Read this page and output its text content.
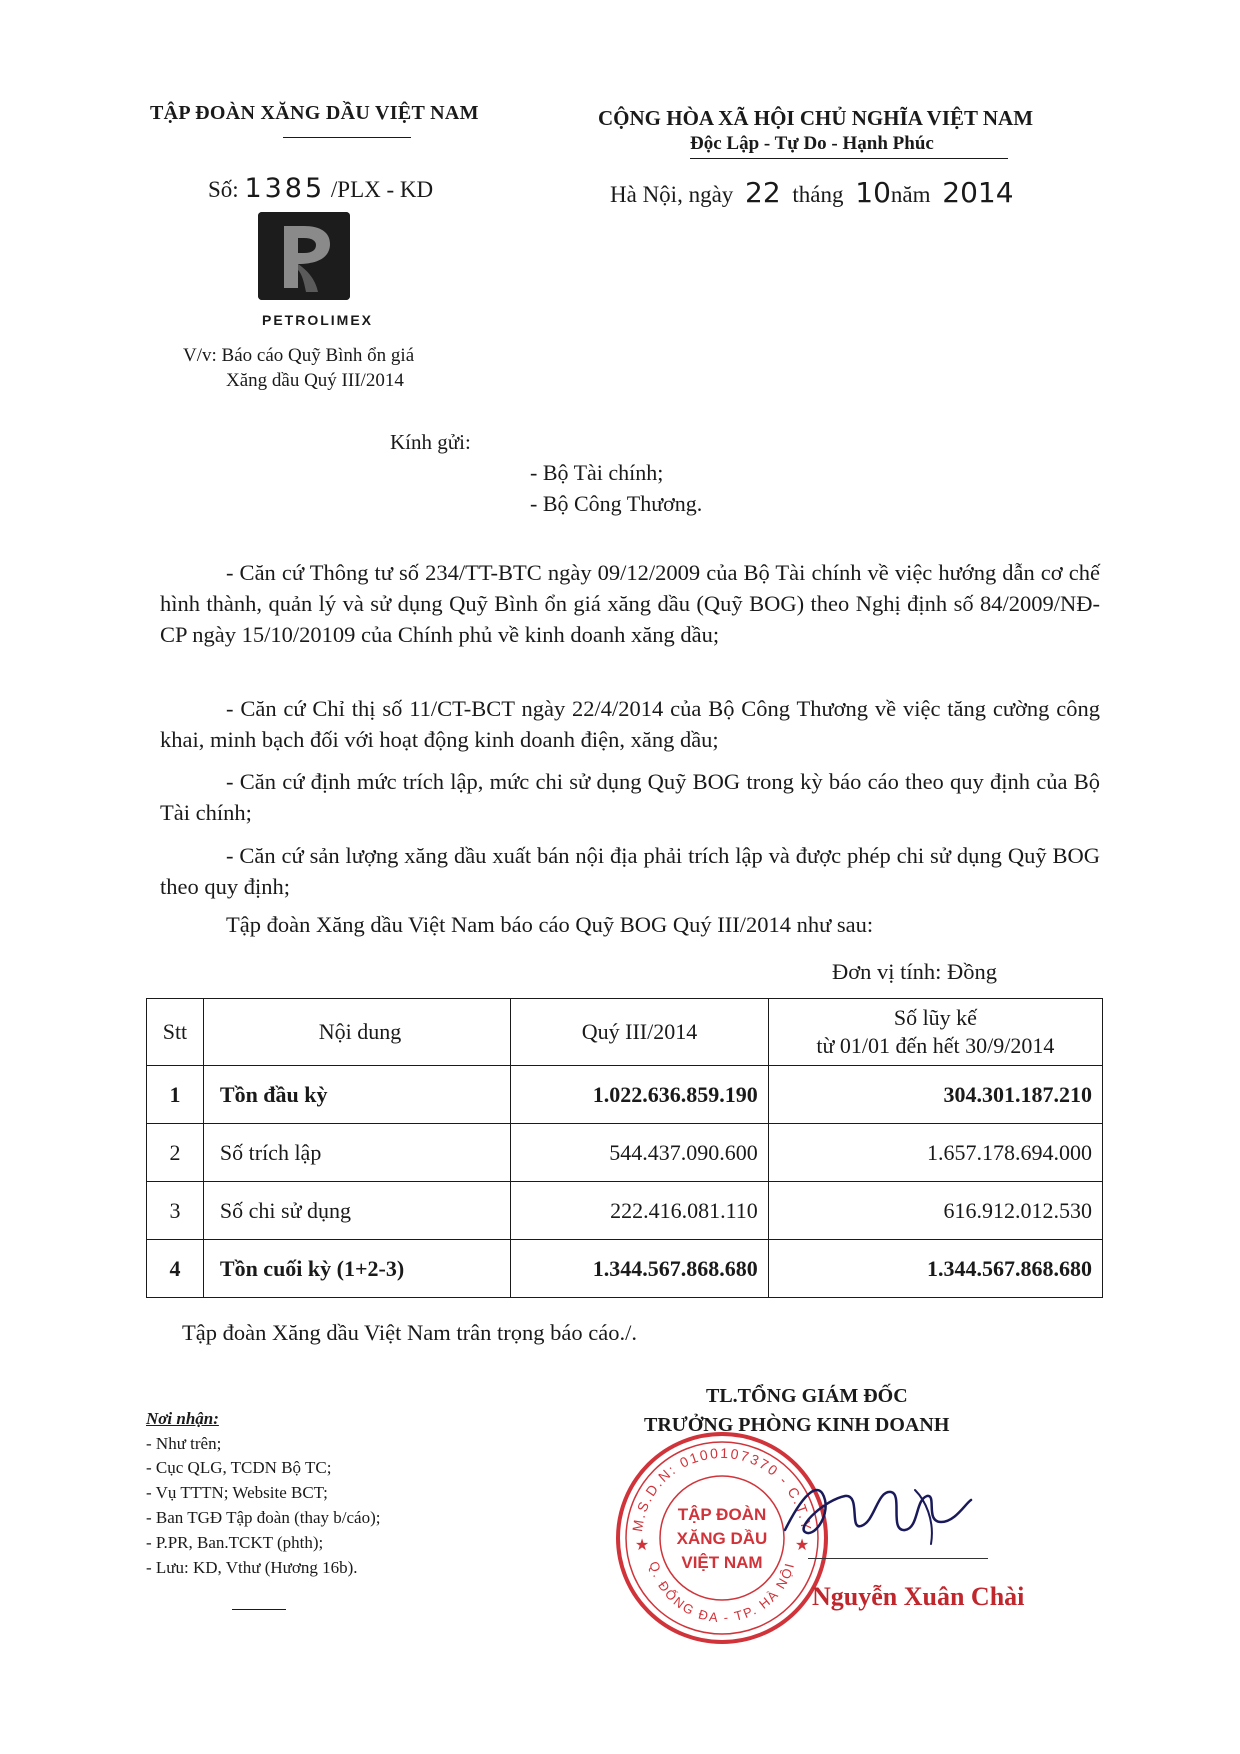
TẬP ĐOÀN XĂNG DẦU VIỆT NAM	CỘNG HÒA XÃ HỘI CHỦ NGHĨA VIỆT NAM
Độc Lập - Tự Do - Hạnh Phúc
Số: 1385 /PLX - KD	Hà Nội, ngày 22 tháng 10năm 2014
PETROLIMEX
V/v: Báo cáo Quỹ Bình ổn giá
Xăng dầu Quý III/2014
Kính gửi:
- Bộ Tài chính;
- Bộ Công Thương.
- Căn cứ Thông tư số 234/TT-BTC ngày 09/12/2009 của Bộ Tài chính về việc hướng dẫn cơ chế hình thành, quản lý và sử dụng Quỹ Bình ổn giá xăng dầu (Quỹ BOG) theo Nghị định số 84/2009/NĐ-CP ngày 15/10/20109 của Chính phủ về kinh doanh xăng dầu;
- Căn cứ Chỉ thị số 11/CT-BCT ngày 22/4/2014 của Bộ Công Thương về việc tăng cường công khai, minh bạch đối với hoạt động kinh doanh điện, xăng dầu;
- Căn cứ định mức trích lập, mức chi sử dụng Quỹ BOG trong kỳ báo cáo theo quy định của Bộ Tài chính;
- Căn cứ sản lượng xăng dầu xuất bán nội địa phải trích lập và được phép chi sử dụng Quỹ BOG theo quy định;
Tập đoàn Xăng dầu Việt Nam báo cáo Quỹ BOG Quý III/2014 như sau:
Đơn vị tính: Đồng
Stt	Nội dung	Quý III/2014	Số lũy kế
từ 01/01 đến hết 30/9/2014

1	Tồn đầu kỳ	1.022.636.859.190	304.301.187.210
2	Số trích lập	544.437.090.600	1.657.178.694.000
3	Số chi sử dụng	222.416.081.110	616.912.012.530
4	Tồn cuối kỳ (1+2-3)	1.344.567.868.680	1.344.567.868.680
Tập đoàn Xăng dầu Việt Nam trân trọng báo cáo./.
TL.TỔNG GIÁM ĐỐC
TRƯỞNG PHÒNG KINH DOANH
M.S.D.N: 0100107370 - C.T.Y
Q. ĐỐNG ĐA - TP. HÀ NỘI
★	★
TẬP ĐOÀN
XĂNG DẦU
VIỆT NAM
Nguyễn Xuân Chài
Nơi nhận:
- Như trên;
- Cục QLG, TCDN Bộ TC;
- Vụ TTTN; Website BCT;
- Ban TGĐ Tập đoàn (thay b/cáo);
- P.PR, Ban.TCKT (phth);
- Lưu: KD, Vthư (Hương 16b).
